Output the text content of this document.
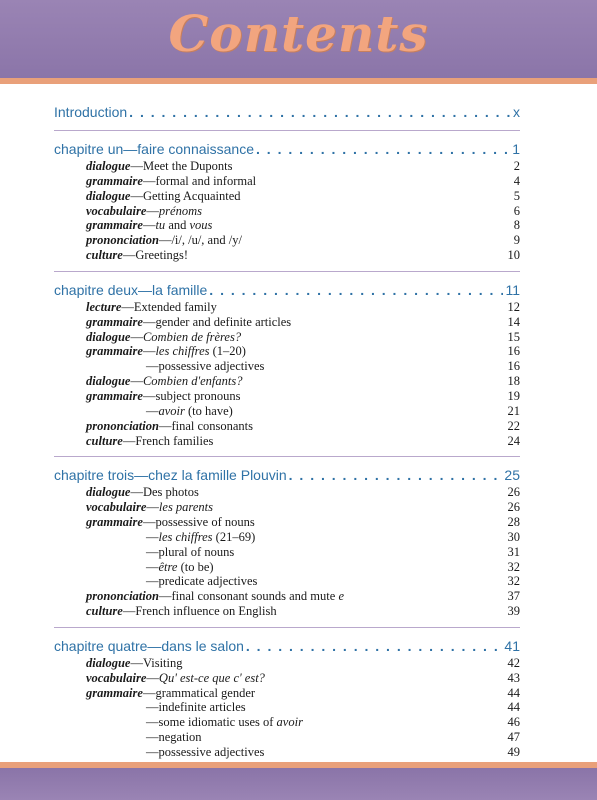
Contents
Introduction . . .	x
chapitre un—faire connaissance . . .	1
dialogue—Meet the Duponts	2
grammaire—formal and informal	4
dialogue—Getting Acquainted	5
vocabulaire—prénoms	6
grammaire—tu and vous	8
prononciation—/i/, /u/, and /y/	9
culture—Greetings!	10
chapitre deux—la famille . . .	11
lecture—Extended family	12
grammaire—gender and definite articles	14
dialogue—Combien de frères?	15
grammaire—les chiffres (1–20)	16
—possessive adjectives	16
dialogue—Combien d'enfants?	18
grammaire—subject pronouns	19
—avoir (to have)	21
prononciation—final consonants	22
culture—French families	24
chapitre trois—chez la famille Plouvin . . .	25
dialogue—Des photos	26
vocabulaire—les parents	26
grammaire—possessive of nouns	28
—les chiffres (21–69)	30
—plural of nouns	31
—être (to be)	32
—predicate adjectives	32
prononciation—final consonant sounds and mute e	37
culture—French influence on English	39
chapitre quatre—dans le salon . . .	41
dialogue—Visiting	42
vocabulaire—Qu' est-ce que c' est?	43
grammaire—grammatical gender	44
—indefinite articles	44
—some idiomatic uses of avoir	46
—negation	47
—possessive adjectives	49
